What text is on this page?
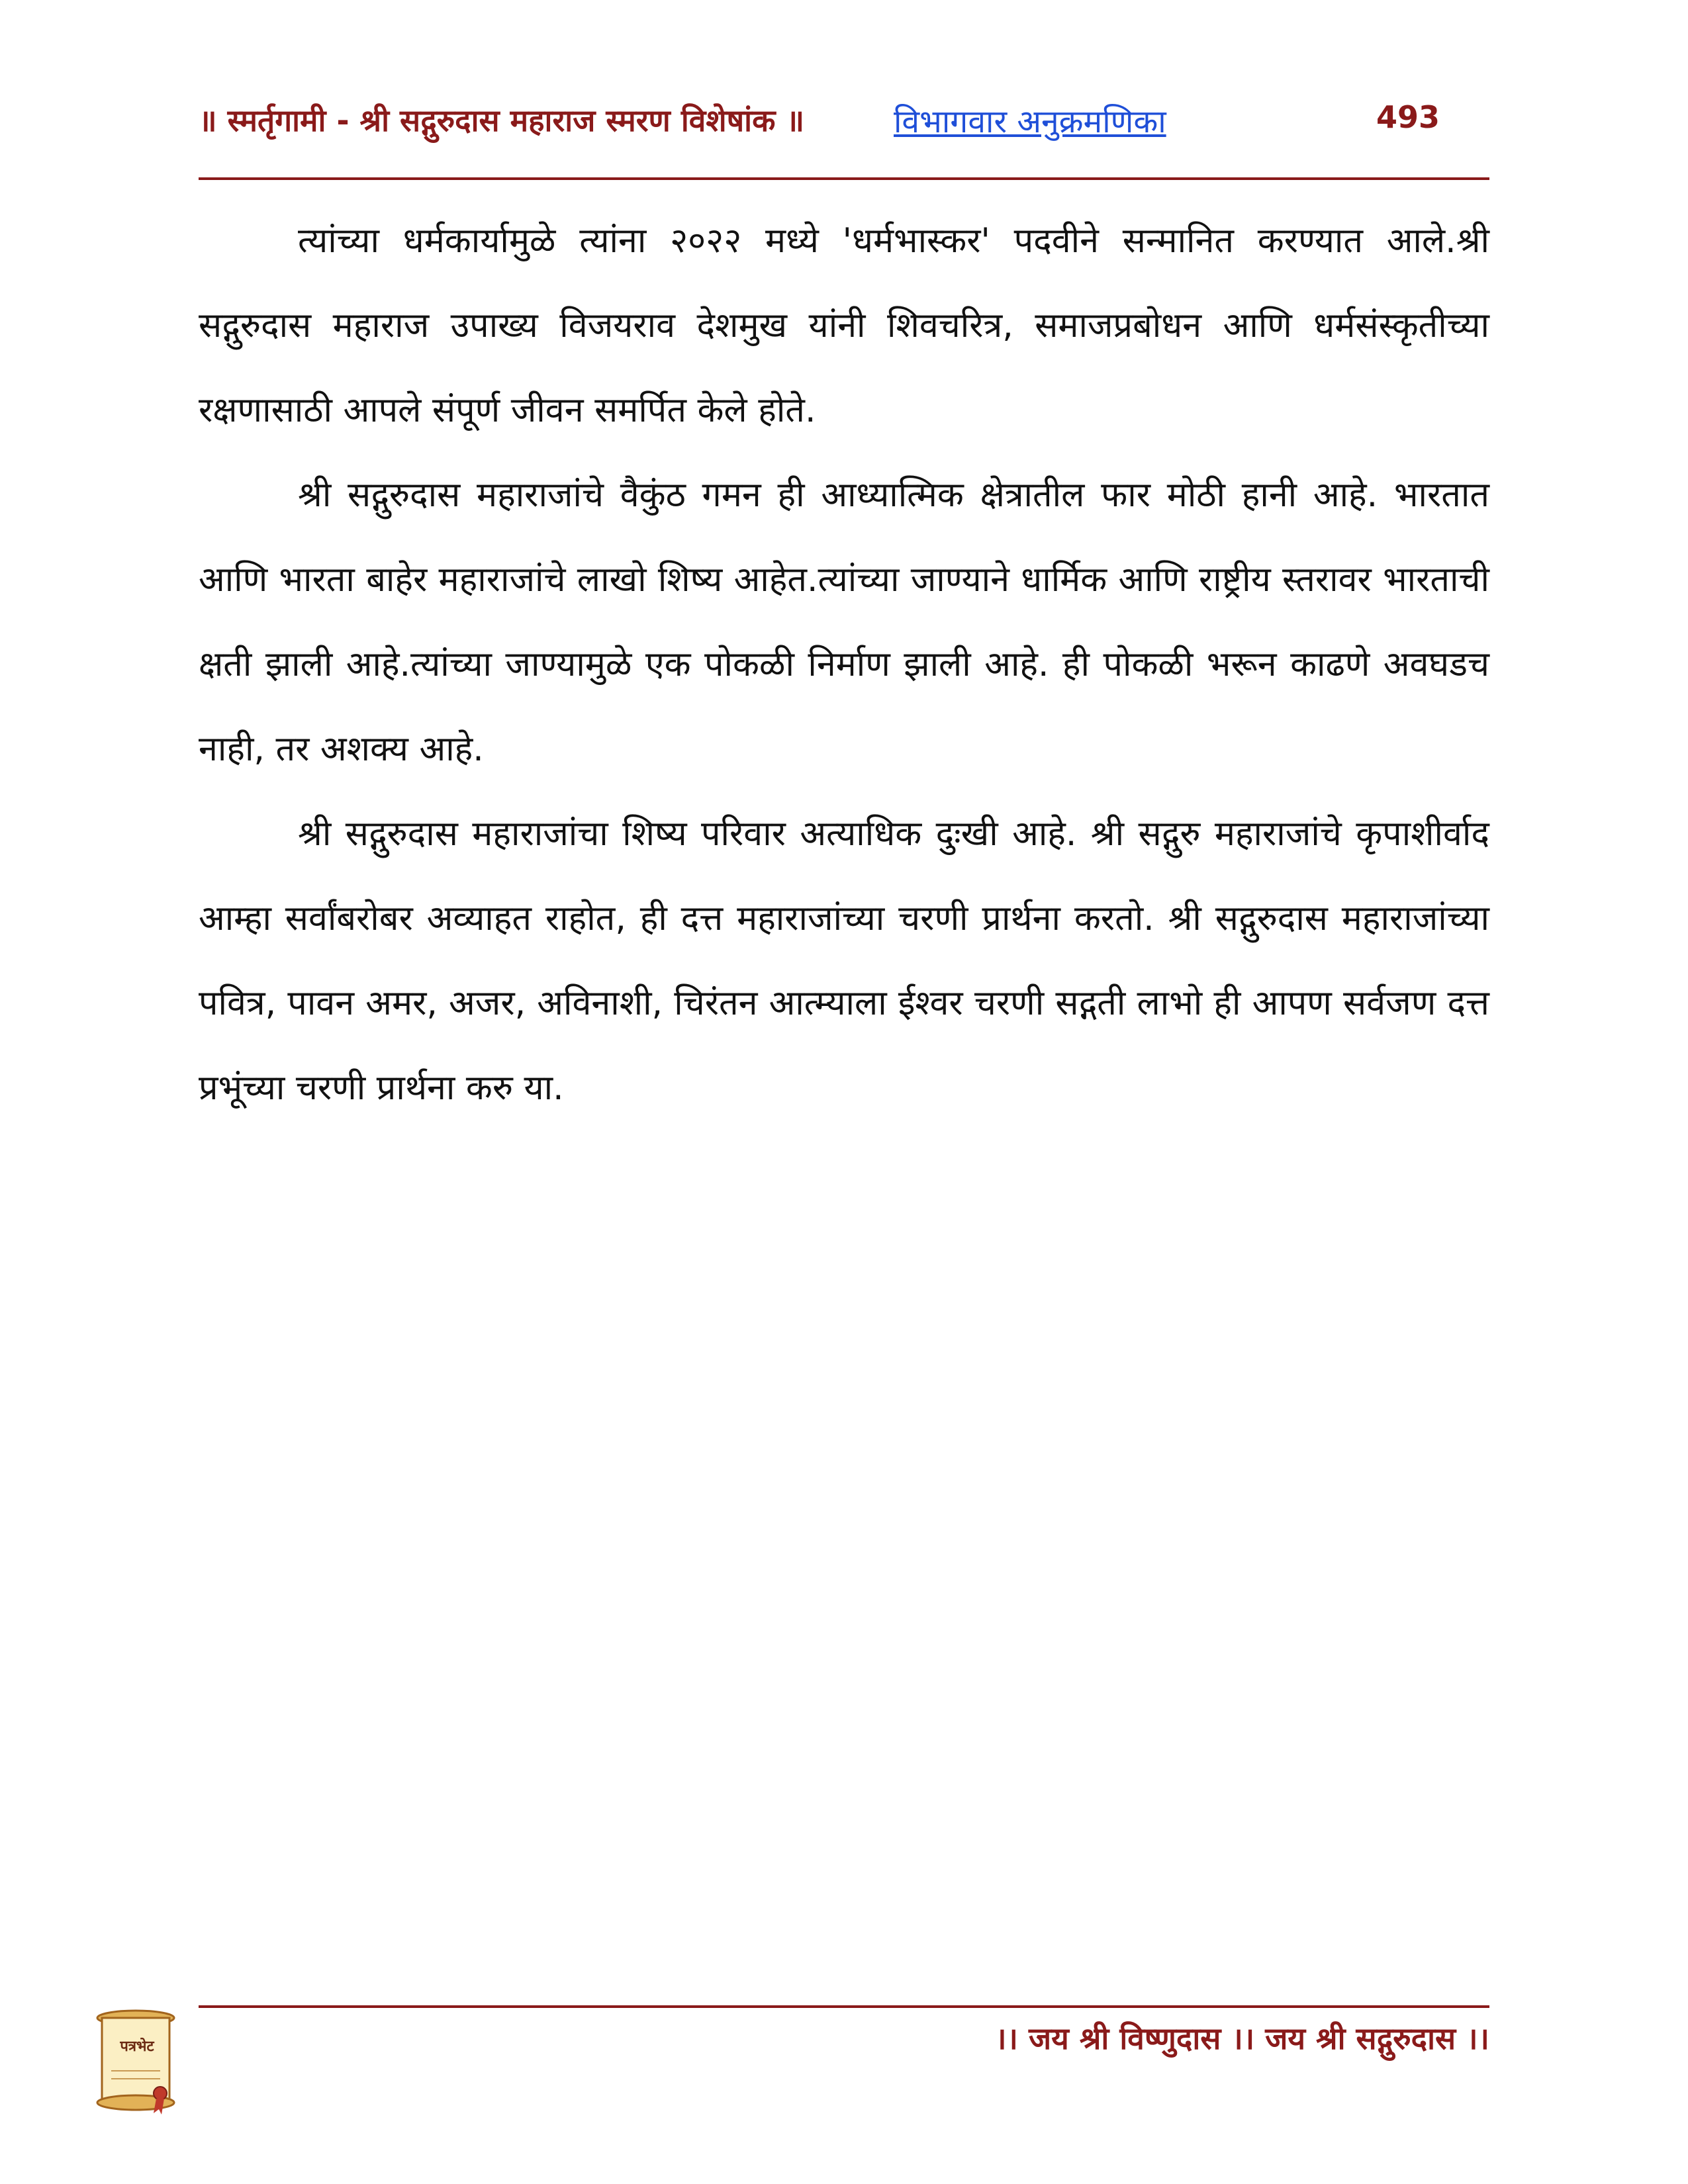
॥ स्मर्तृगामी - श्री सद्गुरुदास महाराज स्मरण विशेषांक ॥	विभागवार अनुक्रमणिका	493

त्यांच्या धर्मकार्यामुळे त्यांना २०२२ मध्ये 'धर्मभास्कर' पदवीने सन्मानित करण्यात आले.श्री सद्गुरुदास महाराज उपाख्य विजयराव देशमुख यांनी शिवचरित्र, समाजप्रबोधन आणि धर्मसंस्कृतीच्या रक्षणासाठी आपले संपूर्ण जीवन समर्पित केले होते.

श्री सद्गुरुदास महाराजांचे वैकुंठ गमन ही आध्यात्मिक क्षेत्रातील फार मोठी हानी आहे. भारतात आणि भारता बाहेर महाराजांचे लाखो शिष्य आहेत.त्यांच्या जाण्याने धार्मिक आणि राष्ट्रीय स्तरावर भारताची क्षती झाली आहे.त्यांच्या जाण्यामुळे एक पोकळी निर्माण झाली आहे. ही पोकळी भरून काढणे अवघडच नाही, तर अशक्य आहे.

श्री सद्गुरुदास महाराजांचा शिष्य परिवार अत्याधिक दुःखी आहे. श्री सद्गुरु महाराजांचे कृपाशीर्वाद आम्हा सर्वांबरोबर अव्याहत राहोत, ही दत्त महाराजांच्या चरणी प्रार्थना करतो. श्री सद्गुरुदास महाराजांच्या पवित्र, पावन अमर, अजर, अविनाशी, चिरंतन आत्म्याला ईश्वर चरणी सद्गती लाभो ही आपण सर्वजण दत्त प्रभूंच्या चरणी प्रार्थना करु या.

पत्रभेट	।। जय श्री विष्णुदास ।। जय श्री सद्गुरुदास ।।
